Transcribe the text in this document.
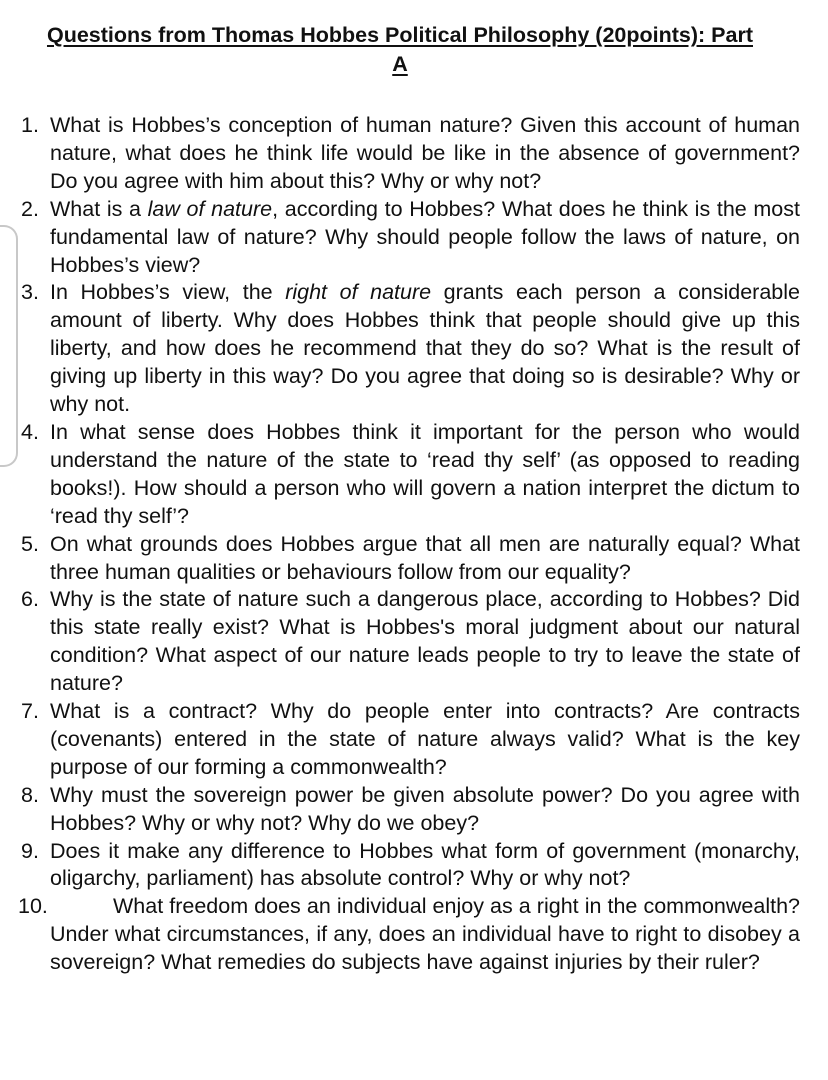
Questions from Thomas Hobbes Political Philosophy (20points): Part
A
1. What is Hobbes’s conception of human nature? Given this account of human nature, what does he think life would be like in the absence of government? Do you agree with him about this? Why or why not?
2. What is a law of nature, according to Hobbes? What does he think is the most fundamental law of nature? Why should people follow the laws of nature, on Hobbes’s view?
3. In Hobbes’s view, the right of nature grants each person a considerable amount of liberty. Why does Hobbes think that people should give up this liberty, and how does he recommend that they do so? What is the result of giving up liberty in this way? Do you agree that doing so is desirable? Why or why not.
4. In what sense does Hobbes think it important for the person who would understand the nature of the state to ‘read thy self’ (as opposed to reading books!). How should a person who will govern a nation interpret the dictum to ‘read thy self’?
5. On what grounds does Hobbes argue that all men are naturally equal? What three human qualities or behaviours follow from our equality?
6. Why is the state of nature such a dangerous place, according to Hobbes? Did this state really exist? What is Hobbes's moral judgment about our natural condition? What aspect of our nature leads people to try to leave the state of nature?
7. What is a contract? Why do people enter into contracts? Are contracts (covenants) entered in the state of nature always valid? What is the key purpose of our forming a commonwealth?
8. Why must the sovereign power be given absolute power? Do you agree with Hobbes? Why or why not? Why do we obey?
9. Does it make any difference to Hobbes what form of government (monarchy, oligarchy, parliament) has absolute control? Why or why not?
10.	What freedom does an individual enjoy as a right in the commonwealth? Under what circumstances, if any, does an individual have to right to disobey a sovereign? What remedies do subjects have against injuries by their ruler?
